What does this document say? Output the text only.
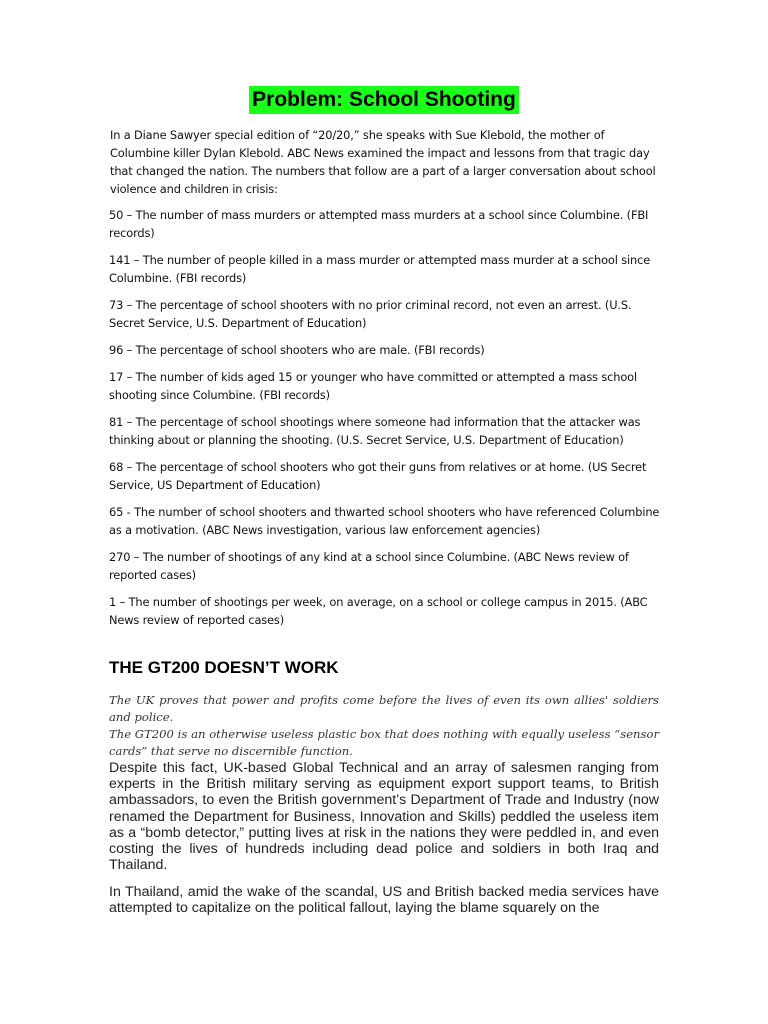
Problem: School Shooting

In a Diane Sawyer special edition of “20/20,” she speaks with Sue Klebold, the mother of Columbine killer Dylan Klebold. ABC News examined the impact and lessons from that tragic day that changed the nation. The numbers that follow are a part of a larger conversation about school violence and children in crisis:

50 – The number of mass murders or attempted mass murders at a school since Columbine. (FBI records)
141 – The number of people killed in a mass murder or attempted mass murder at a school since Columbine. (FBI records)
73 – The percentage of school shooters with no prior criminal record, not even an arrest. (U.S. Secret Service, U.S. Department of Education)
96 – The percentage of school shooters who are male. (FBI records)
17 – The number of kids aged 15 or younger who have committed or attempted a mass school shooting since Columbine. (FBI records)
81 – The percentage of school shootings where someone had information that the attacker was thinking about or planning the shooting. (U.S. Secret Service, U.S. Department of Education)
68 – The percentage of school shooters who got their guns from relatives or at home. (US Secret Service, US Department of Education)
65 - The number of school shooters and thwarted school shooters who have referenced Columbine as a motivation. (ABC News investigation, various law enforcement agencies)
270 – The number of shootings of any kind at a school since Columbine. (ABC News review of reported cases)
1 – The number of shootings per week, on average, on a school or college campus in 2015. (ABC News review of reported cases)
THE GT200 DOESN’T WORK

The UK proves that power and profits come before the lives of even its own allies' soldiers and police.

The GT200 is an otherwise useless plastic box that does nothing with equally useless “sensor cards” that serve no discernible function.

Despite this fact, UK-based Global Technical and an array of salesmen ranging from experts in the British military serving as equipment export support teams, to British ambassadors, to even the British government’s Department of Trade and Industry (now renamed the Department for Business, Innovation and Skills) peddled the useless item as a “bomb detector,” putting lives at risk in the nations they were peddled in, and even costing the lives of hundreds including dead police and soldiers in both Iraq and Thailand.

In Thailand, amid the wake of the scandal, US and British backed media services have attempted to capitalize on the political fallout, laying the blame squarely on the
